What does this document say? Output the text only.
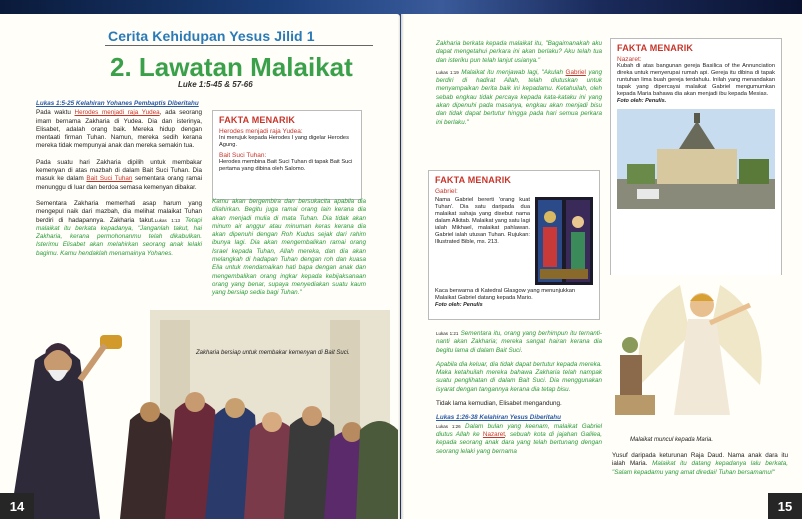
Cerita Kehidupan Yesus Jilid 1
2. Lawatan Malaikat
Luke 1:5-45 & 57-66
Lukas 1:5-25 Kelahiran Yohanes Pembaptis Diberitahu

Pada waktu Herodes menjadi raja Yudea, ada seorang imam bernama Zakharia di Yudea. Dia dan isterinya, Elisabet, adalah orang baik. Mereka hidup dengan mentaati firman Tuhan. Namun, mereka sedih kerana mereka tidak mempunyai anak dan mereka semakin tua.

Pada suatu hari Zakharia dipilih untuk membakar kemenyan di atas mazbah di dalam Bait Suci Tuhan. Dia masuk ke dalam Bait Suci Tuhan sementara orang ramai menunggu di luar dan berdoa semasa kemenyan dibakar.

Sementara Zakharia memerhati asap harum yang mengepul naik dari mazbah, dia melihat malaikat Tuhan berdiri di hadapannya. Zakharia takut.$^{Lukas 1:13}$ Tetapi malaikat itu berkata kepadanya, "Janganlah takut, hai Zakharia, kerana permohonanmu telah dikabulkan. Isterimu Elisabet akan melahirkan seorang anak lelaki bagimu. Kamu hendaklah menamainya Yohanes.

FAKTA MENARIK
Herodes menjadi raja Yudea:

Ini merujuk kepada Herodes I yang digelar Herodes Agung.

Bait Suci Tuhan:

Herodes membina Bait Suci Tuhan di tapak Bait Suci pertama yang dibina oleh Salomo.

Kamu akan bergembira dan bersukacita apabila dia dilahirkan. Begitu juga ramai orang lain kerana dia akan menjadi mulia di mata Tuhan. Dia tidak akan minum air anggur atau minuman keras kerana dia akan dipenuhi dengan Roh Kudus sejak dari rahim ibunya lagi. Dia akan mengembalikan ramai orang Israel kepada Tuhan, Allah mereka, dan dia akan melangkah di hadapan Tuhan dengan roh dan kuasa Elia untuk mendamaikan hati bapa dengan anak dan mengembalikan orang ingkar kepada kebijaksanaan orang yang benar, supaya menyediakan suatu kaum yang bersiap sedia bagi Tuhan."
Zakharia bersiap untuk membakar kemenyan di Bait Suci.
14

Zakharia berkata kepada malaikat itu, "Bagaimanakah aku dapat mengetahui perkara ini akan berlaku? Aku telah tua dan isteriku pun telah lanjut usianya."

$^{Lukas 1:19}$ Malaikat itu menjawab lagi, "Akulah Gabriel yang berdiri di hadirat Allah, telah diutuskan untuk menyampaikan berita baik ini kepadamu. Ketahuilah, oleh sebab engkau tidak percaya kepada kata-kataku ini yang akan dipenuhi pada masanya, engkau akan menjadi bisu dan tidak dapat bertutur hingga pada hari semua perkara ini berlaku."

FAKTA MENARIK
Gabriel:

Nama Gabriel bererti 'orang kuat Tuhan'. Dia satu daripada dua malaikat sahaja yang disebut nama dalam Alkitab. Malaikat yang satu lagi ialah Mikhael, malaikat pahlawan. Gabriel ialah utusan Tuhan. Rujukan: Illustrated Bible, ms. 213.

Kaca berwarna di Katedral Glasgow yang menunjukkan Malaikat Gabriel datang kepada Mario.

Foto oleh: Penulis

$^{Lukas 1:21}$ Sementara itu, orang yang berhimpun itu ternanti-nanti akan Zakharia; mereka sangat hairan kerana dia begitu lama di dalam Bait Suci.

Apabila dia keluar, dia tidak dapat bertutur kepada mereka. Maka ketahuilah mereka bahawa Zakharia telah nampak suatu penglihatan di dalam Bait Suci. Dia menggunakan isyarat dengan tangannya kerana dia tetap bisu.

Tidak lama kemudian, Elisabet mengandung.

Lukas 1:26-38 Kelahiran Yesus Diberitahu

$^{Lukas 1:26}$ Dalam bulan yang keenam, malaikat Gabriel diutus Allah ke Nazaret, sebuah kota di jajahan Galilea, kepada seorang anak dara yang telah bertunang dengan seorang lelaki yang bernama

FAKTA MENARIK
Nazaret:

Kubah di atas bangunan gereja Basilica of the Annunciation direka untuk menyerupai rumah api. Gereja itu dibina di tapak runtuhan lima buah gereja terdahulu. Inilah yang menandakan tapak yang dipercayai malaikat Gabriel mengumumkan kepada Maria bahawa dia akan menjadi ibu kepada Mesias.

Foto oleh: Penulis.

Malaikat muncul kepada Maria.
Yusuf daripada keturunan Raja Daud. Nama anak dara itu ialah Maria. Malaikat itu datang kepadanya lalu berkata, "Salam kepadamu yang amat diredai! Tuhan bersamamu!"
15
